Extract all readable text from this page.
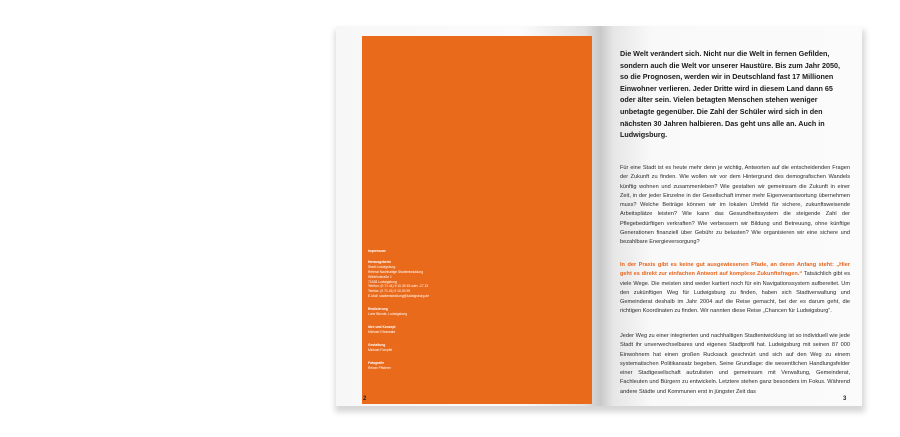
Impressum
Herausgeberin
Stadt Ludwigsburg
Referat Nachhaltige Stadtentwicklung
Wilhelmstraße 1
71638 Ludwigsburg
Telefon: (0 71 41) 9 10-30 63 oder -27 13
Telefax: (0 71 41) 9 10-30 99
E-Mail: stadtentwicklung@ludwigsburg.de
Realisierung
Lone Blende, Ludwigsburg
Idee und Konzept
Michael Ohnewald
Gestaltung
Michael Fotopfel
Fotografie
Reiner Pfisterer
2
Die Welt verändert sich. Nicht nur die Welt in fernen Gefilden, sondern auch die Welt vor unserer Haustüre. Bis zum Jahr 2050, so die Prognosen, werden wir in Deutschland fast 17 Millionen Einwohner verlieren. Jeder Dritte wird in diesem Land dann 65 oder älter sein. Vielen betagten Menschen stehen weniger unbetagte gegenüber. Die Zahl der Schüler wird sich in den nächsten 30 Jahren halbieren. Das geht uns alle an. Auch in Ludwigsburg.
Für eine Stadt ist es heute mehr denn je wichtig, Antworten auf die entscheidenden Fragen der Zukunft zu finden. Wie wollen wir vor dem Hintergrund des demografischen Wandels künftig wohnen und zusammenleben? Wie gestalten wir gemeinsam die Zukunft in einer Zeit, in der jeder Einzelne in der Gesellschaft immer mehr Eigenverantwortung übernehmen muss? Welche Beiträge können wir im lokalen Umfeld für sichere, zukunftsweisende Arbeitsplätze leisten? Wie kann das Gesundheitssystem die steigende Zahl der Pflegebedürftigen verkraften? Wie verbessern wir Bildung und Betreuung, ohne künftige Generationen finanziell über Gebühr zu belasten? Wie organisieren wir eine sichere und bezahlbare Energieversorgung?
In der Praxis gibt es keine gut ausgewiesenen Pfade, an deren Anfang steht: „Hier geht es direkt zur einfachen Antwort auf komplexe Zukunftsfragen.“ Tatsächlich gibt es viele Wege. Die meisten sind weder kartiert noch für ein Navigationssystem aufbereitet. Um den zukünftigen Weg für Ludwigsburg zu finden, haben sich Stadtverwaltung und Gemeinderat deshalb im Jahr 2004 auf die Reise gemacht, bei der es darum geht, die richtigen Koordinaten zu finden. Wir nannten diese Reise „Chancen für Ludwigsburg“.
Jeder Weg zu einer integrierten und nachhaltigen Stadtentwicklung ist so individuell wie jede Stadt ihr unverwechselbares und eigenes Stadtprofil hat. Ludwigsburg mit seinen 87 000 Einwohnern hat einen großen Rucksack geschnürt und sich auf den Weg zu einem systematischen Politikansatz begeben. Seine Grundlage: die wesentlichen Handlungsfelder einer Stadtgesellschaft aufzulisten und gemeinsam mit Verwaltung, Gemeinderat, Fachleuten und Bürgern zu entwickeln. Letztere stehen ganz besonders im Fokus. Während andere Städte und Kommunen erst in jüngster Zeit das
3
